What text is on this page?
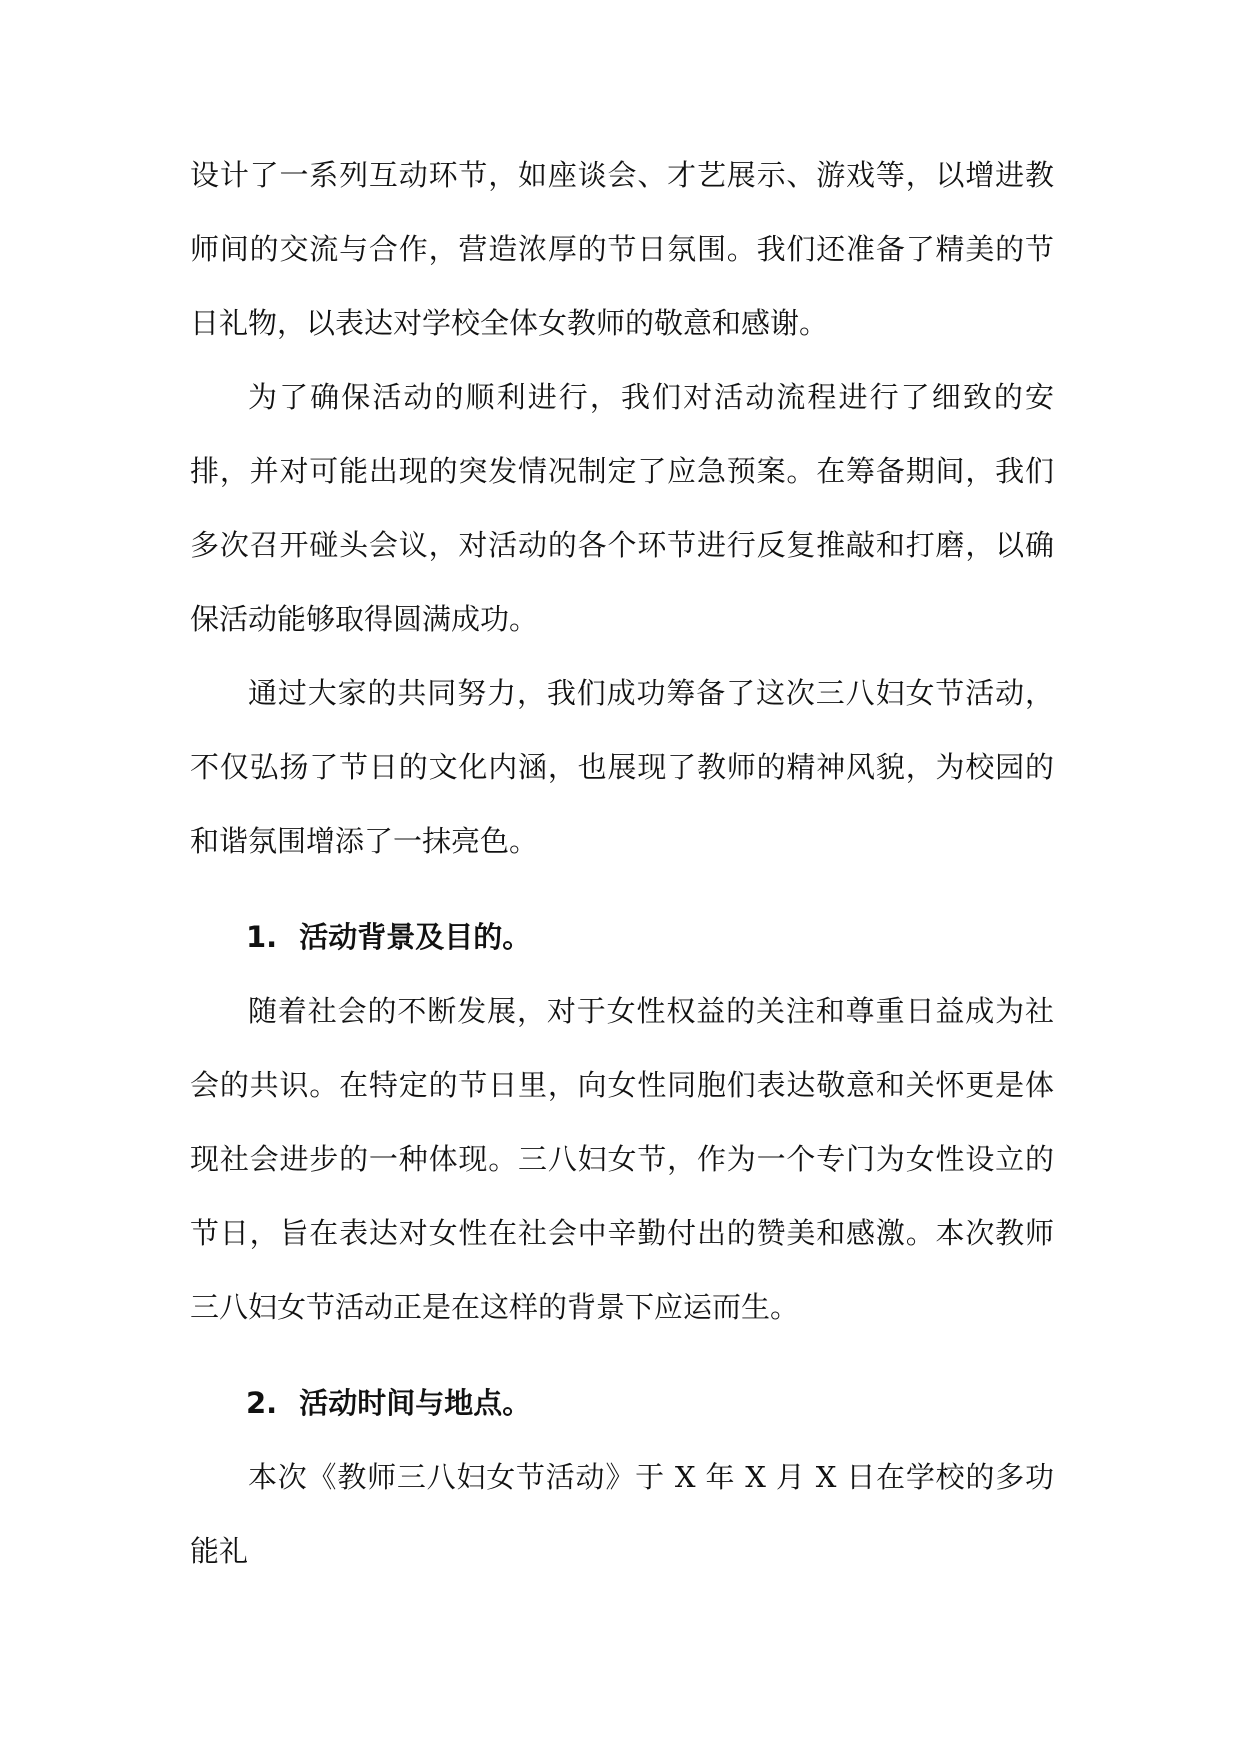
设计了一系列互动环节，如座谈会、才艺展示、游戏等，以增进教师间的交流与合作，营造浓厚的节日氛围。我们还准备了精美的节日礼物，以表达对学校全体女教师的敬意和感谢。

为了确保活动的顺利进行，我们对活动流程进行了细致的安排，并对可能出现的突发情况制定了应急预案。在筹备期间，我们多次召开碰头会议，对活动的各个环节进行反复推敲和打磨，以确保活动能够取得圆满成功。

通过大家的共同努力，我们成功筹备了这次三八妇女节活动，不仅弘扬了节日的文化内涵，也展现了教师的精神风貌，为校园的和谐氛围增添了一抹亮色。

1. 活动背景及目的。

随着社会的不断发展，对于女性权益的关注和尊重日益成为社会的共识。在特定的节日里，向女性同胞们表达敬意和关怀更是体现社会进步的一种体现。三八妇女节，作为一个专门为女性设立的节日，旨在表达对女性在社会中辛勤付出的赞美和感激。本次教师三八妇女节活动正是在这样的背景下应运而生。

2. 活动时间与地点。

本次《教师三八妇女节活动》于 X 年 X 月 X 日在学校的多功能礼
